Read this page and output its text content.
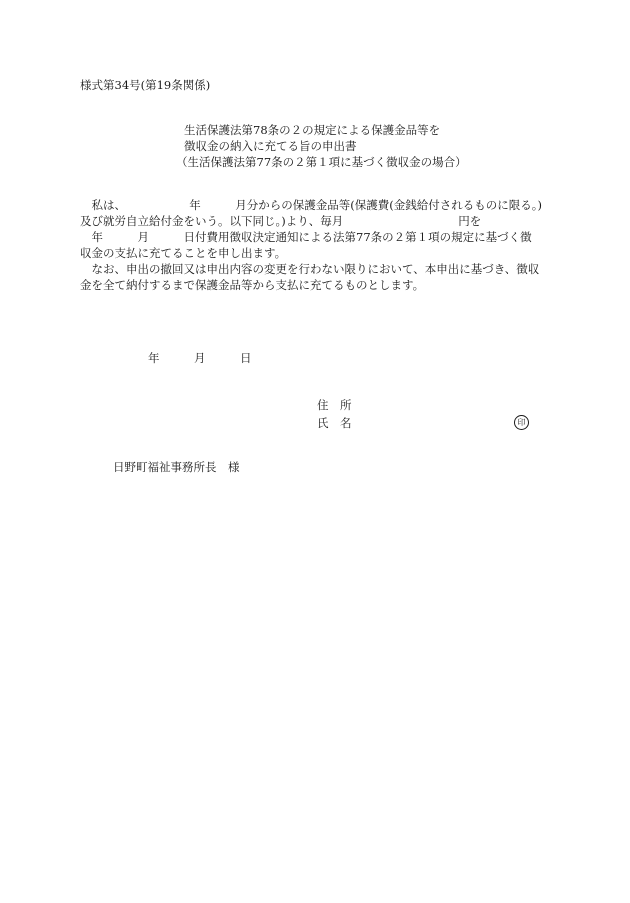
様式第34号(第19条関係)
生活保護法第78条の２の規定による保護金品等を
徴収金の納入に充てる旨の申出書
（生活保護法第77条の２第１項に基づく徴収金の場合）
　私は、　　　　　　年　　　月分からの保護金品等(保護費(金銭給付されるものに限る。)
及び就労自立給付金をいう。以下同じ。)より、毎月　　　　　　　　　　円を
　年　　　月　　　日付費用徴収決定通知による法第77条の２第１項の規定に基づく徴
収金の支払に充てることを申し出ます。
　なお、申出の撤回又は申出内容の変更を行わない限りにおいて、本申出に基づき、徴収
金を全て納付するまで保護金品等から支払に充てるものとします。
年　　　月　　　日
住　所
氏　名	印
日野町福祉事務所長　様
